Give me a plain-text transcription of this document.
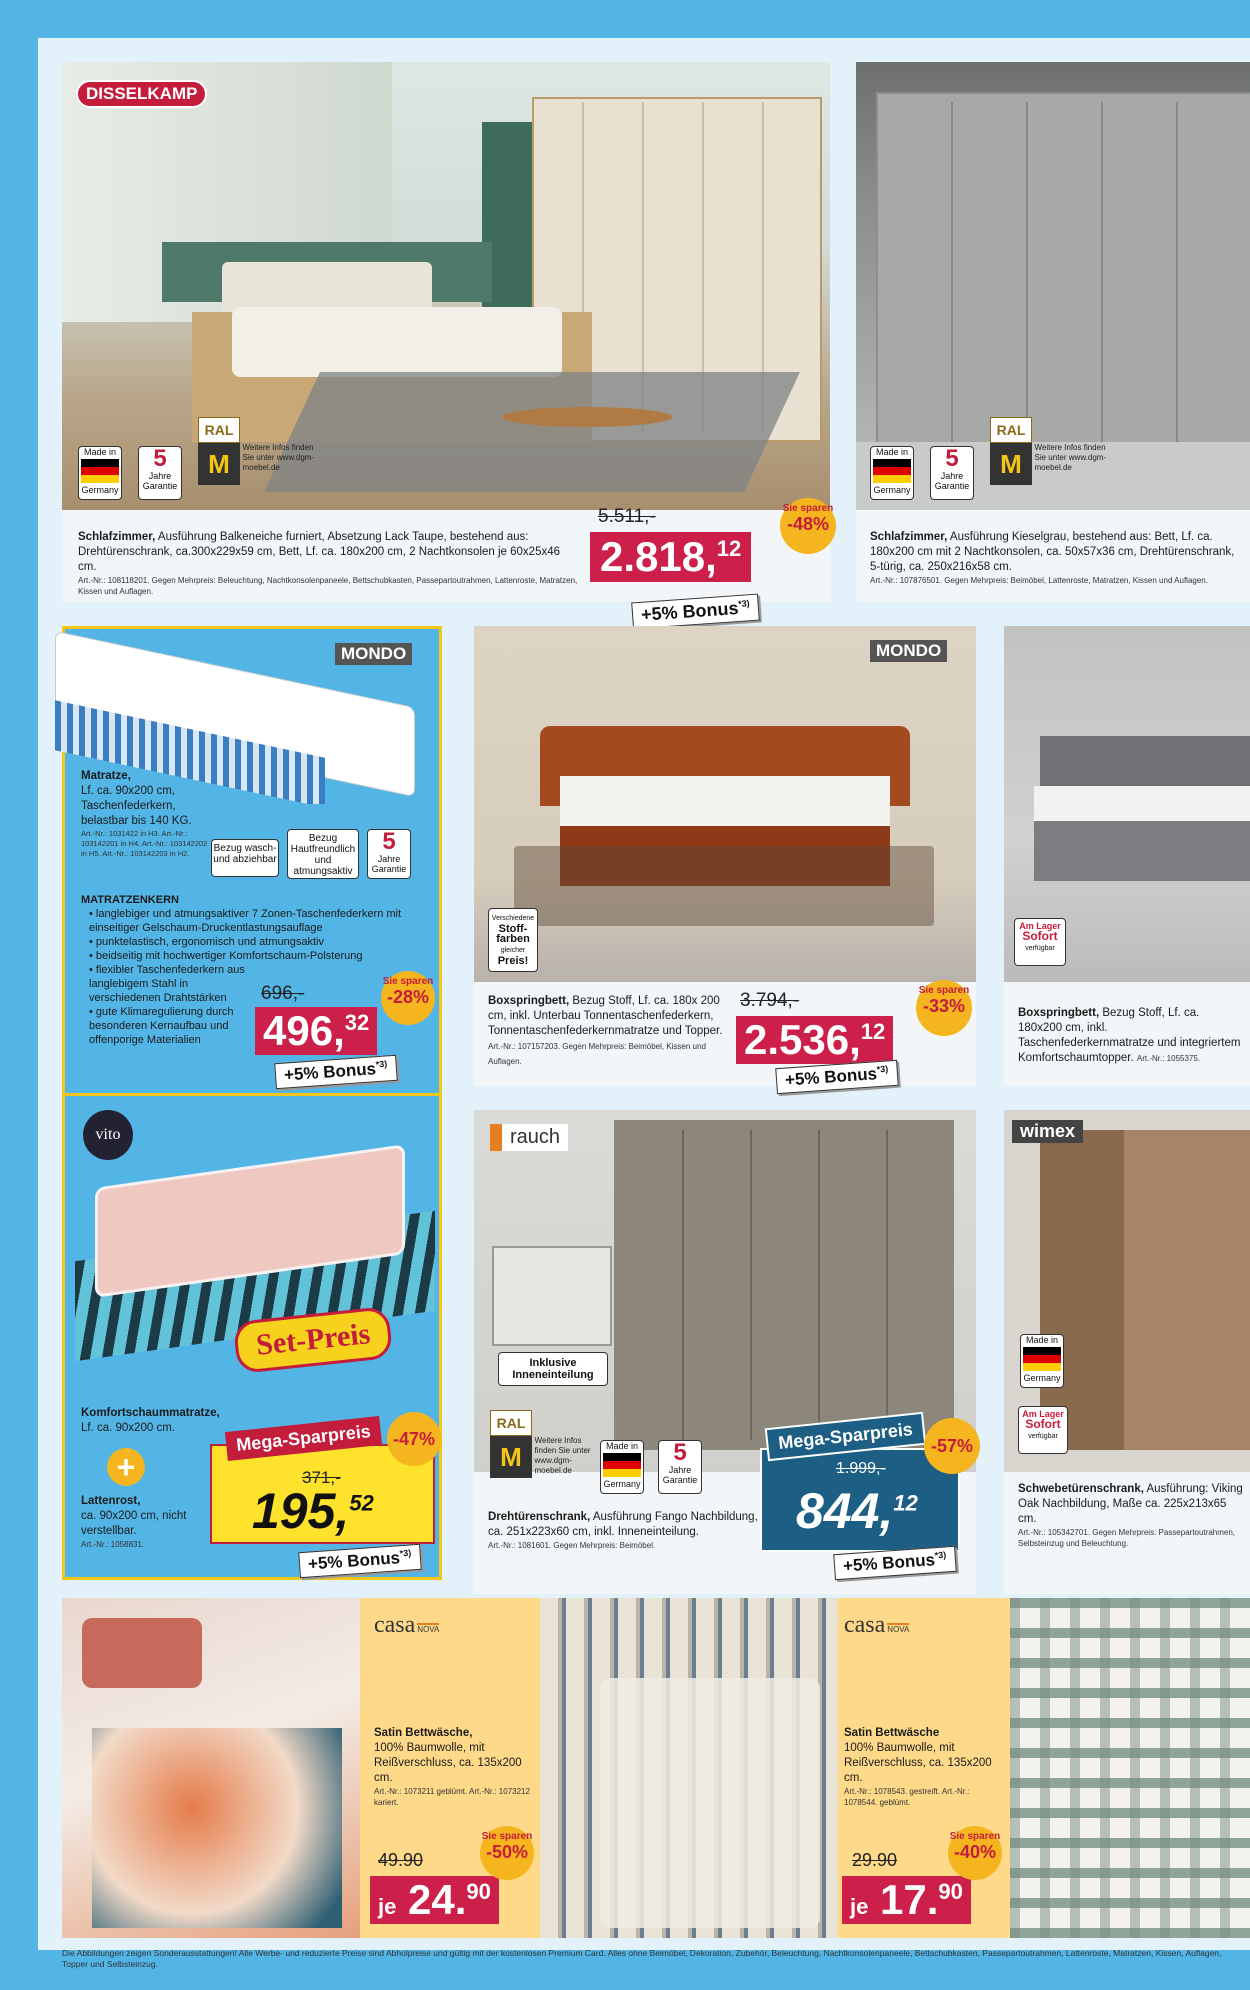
DISSELKAMP
Made in
Germany
5
Jahre
Garantie
RAL
M Weitere Infos finden Sie unter www.dgm-moebel.de
Schlafzimmer, Ausführung Balkeneiche furniert, Absetzung Lack Taupe, bestehend aus: Drehtürenschrank, ca.300x229x59 cm, Bett, Lf. ca. 180x200 cm, 2 Nachtkonsolen je 60x25x46 cm.
Art.-Nr.: 108118201. Gegen Mehrpreis: Beleuchtung, Nachtkonsolenpaneele, Bettschubkasten, Passepartoutrahmen, Lattenroste, Matratzen, Kissen und Auflagen.
5.511,-
2.818,12
Sie sparen
-48%
+5% Bonus$^{*3)}$
Made in
Germany
5
Jahre
Garantie
RAL
M Weitere Infos finden Sie unter www.dgm-moebel.de
Schlafzimmer, Ausführung Kieselgrau, bestehend aus: Bett, Lf. ca. 180x200 cm mit 2 Nachtkonsolen, ca. 50x57x36 cm, Drehtürenschrank, 5-türig, ca. 250x216x58 cm.
Art.-Nr.: 107876501. Gegen Mehrpreis: Beimöbel, Lattenroste, Matratzen, Kissen und Auflagen.
MONDO
Matratze,
Lf. ca. 90x200 cm, Taschenfederkern, belastbar bis 140 KG.
Art.-Nr.: 1031422 in H3. Art.-Nr.: 103142201 in H4. Art.-Nr.: 103142202 in H5. Art.-Nr.: 103142203 in H2.	Bezug wasch- und abziehbar
Bezug Hautfreundlich und atmungsaktiv
5
Jahre Garantie
MATRATZENKERN
• langlebiger und atmungsaktiver 7 Zonen-Taschenfederkern mit einseitiger Gelschaum-Druckentlastungsauflage
• punktelastisch, ergonomisch und atmungsaktiv
• beidseitig mit hochwertiger Komfortschaum-Polsterung
• flexibler Taschenfederkern aus langlebigem Stahl in verschiedenen Drahtstärken
• gute Klimaregulierung durch besonderen Kernaufbau und offenporige Materialien
696,-
496,32
Sie sparen
-28%
+5% Bonus$^{*3)}$
vito
Set-Preis
Komfortschaummatratze,
Lf. ca. 90x200 cm.
+
Lattenrost,
ca. 90x200 cm, nicht verstellbar.
Art.-Nr.: 1058831.
Mega-Sparpreis
371,-
195,52
-47%
+5% Bonus$^{*3)}$
MONDO
Verschiedene
Stoff-farben
gleicher
Preis!
Boxspringbett, Bezug Stoff, Lf. ca. 180x 200 cm, inkl. Unterbau Tonnentaschenfederkern, Tonnentaschenfederkernmatratze und Topper. Art.-Nr.: 107157203. Gegen Mehrpreis: Beimöbel, Kissen und Auflagen.
3.794,-
2.536,12
Sie sparen
-33%
+5% Bonus$^{*3)}$
Am Lager
Sofort
verfügbar
Boxspringbett, Bezug Stoff, Lf. ca. 180x200 cm, inkl. Taschenfederkernmatratze und integriertem Komfortschaumtopper. Art.-Nr.: 1055375.
rauch
Inklusive Inneneinteilung
RAL
M Weitere Infos finden Sie unter www.dgm-moebel.de
Made in
Germany
5
Jahre Garantie
Drehtürenschrank, Ausführung Fango Nachbildung, ca. 251x223x60 cm, inkl. Inneneinteilung.
Art.-Nr.: 1081601. Gegen Mehrpreis: Beimöbel.
Mega-Sparpreis
1.999,-
844,12
-57%
+5% Bonus$^{*3)}$
wimex
Made in
Germany
Am Lager
Sofort
verfügbar
Schwebetürenschrank, Ausführung: Viking Oak Nachbildung, Maße ca. 225x213x65 cm.
Art.-Nr.: 105342701. Gegen Mehrpreis: Passepartoutrahmen, Selbsteinzug und Beleuchtung.
casa NOVA
Satin Bettwäsche,
100% Baumwolle, mit Reißverschluss, ca. 135x200 cm.
Art.-Nr.: 1073211 geblümt. Art.-Nr.: 1073212 kariert.
49.90
je 24.90
Sie sparen
-50%
casa NOVA
Satin Bettwäsche
100% Baumwolle, mit Reißverschluss, ca. 135x200 cm.
Art.-Nr.: 1078543. gestreift. Art.-Nr.: 1078544. geblümt.
29.90
je 17.90
Sie sparen
-40%
Die Abbildungen zeigen Sonderausstattungen! Alle Werbe- und reduzierte Preise sind Abholpreise und gültig mit der kostenlosen Premium Card. Alles ohne Beimöbel, Dekoration, Zubehör, Beleuchtung, Nachtkonsolenpaneele, Bettschubkasten, Passepartoutrahmen, Lattenroste, Matratzen, Kissen, Auflagen, Topper und Selbsteinzug.
